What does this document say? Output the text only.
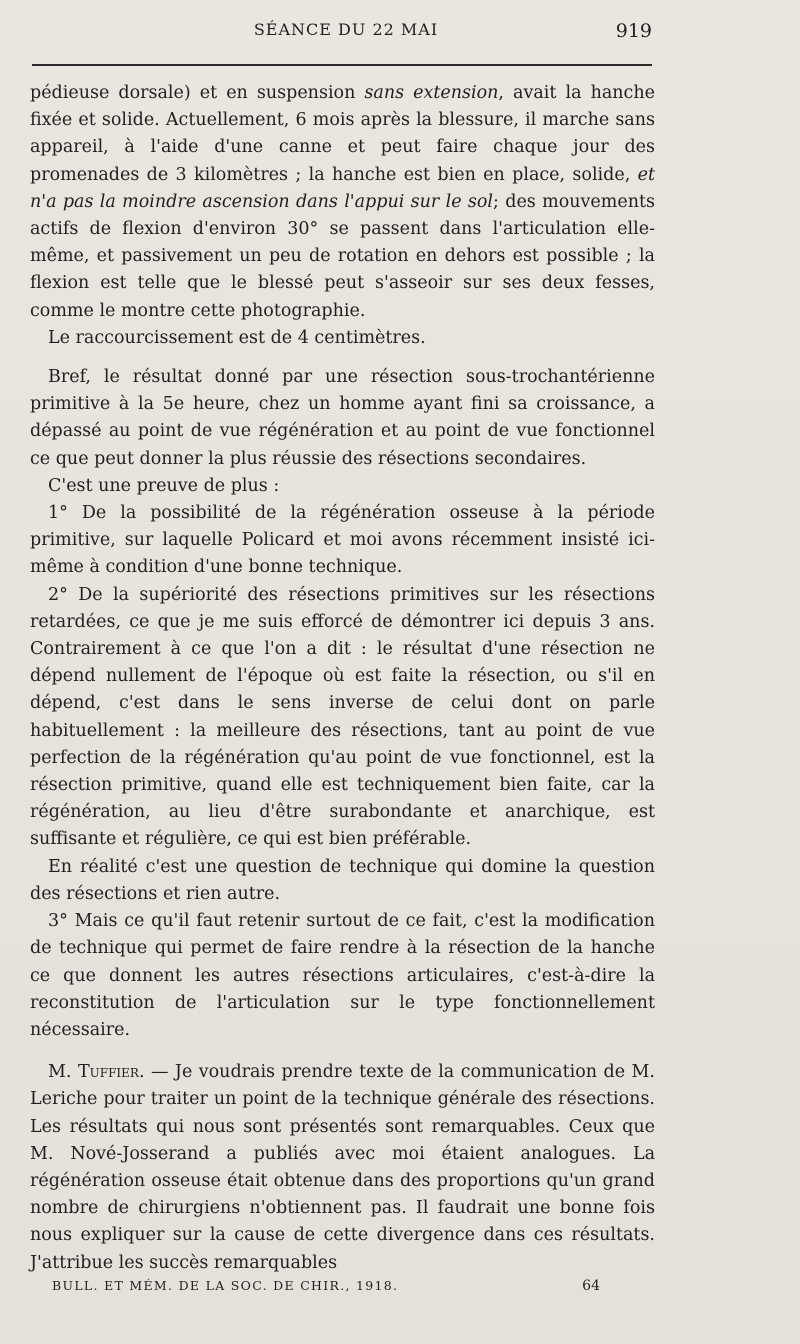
SÉANCE DU 22 MAI	919

pédieuse dorsale) et en suspension sans extension, avait la hanche fixée et solide. Actuellement, 6 mois après la blessure, il marche sans appareil, à l'aide d'une canne et peut faire chaque jour des promenades de 3 kilomètres ; la hanche est bien en place, solide, et n'a pas la moindre ascension dans l'appui sur le sol; des mouvements actifs de flexion d'environ 30° se passent dans l'articulation elle-même, et passivement un peu de rotation en dehors est possible ; la flexion est telle que le blessé peut s'asseoir sur ses deux fesses, comme le montre cette photographie.

Le raccourcissement est de 4 centimètres.

Bref, le résultat donné par une résection sous-trochantérienne primitive à la 5e heure, chez un homme ayant fini sa croissance, a dépassé au point de vue régénération et au point de vue fonctionnel ce que peut donner la plus réussie des résections secondaires.

C'est une preuve de plus :

1° De la possibilité de la régénération osseuse à la période primitive, sur laquelle Policard et moi avons récemment insisté ici-même à condition d'une bonne technique.

2° De la supériorité des résections primitives sur les résections retardées, ce que je me suis efforcé de démontrer ici depuis 3 ans. Contrairement à ce que l'on a dit : le résultat d'une résection ne dépend nullement de l'époque où est faite la résection, ou s'il en dépend, c'est dans le sens inverse de celui dont on parle habituellement : la meilleure des résections, tant au point de vue perfection de la régénération qu'au point de vue fonctionnel, est la résection primitive, quand elle est techniquement bien faite, car la régénération, au lieu d'être surabondante et anarchique, est suffisante et régulière, ce qui est bien préférable.

En réalité c'est une question de technique qui domine la question des résections et rien autre.

3° Mais ce qu'il faut retenir surtout de ce fait, c'est la modification de technique qui permet de faire rendre à la résection de la hanche ce que donnent les autres résections articulaires, c'est-à-dire la reconstitution de l'articulation sur le type fonctionnellement nécessaire.

M. Tuffier. — Je voudrais prendre texte de la communication de M. Leriche pour traiter un point de la technique générale des résections. Les résultats qui nous sont présentés sont remarquables. Ceux que M. Nové-Josserand a publiés avec moi étaient analogues. La régénération osseuse était obtenue dans des proportions qu'un grand nombre de chirurgiens n'obtiennent pas. Il faudrait une bonne fois nous expliquer sur la cause de cette divergence dans ces résultats. J'attribue les succès remarquables

BULL. ET MÉM. DE LA SOC. DE CHIR., 1918.	64
